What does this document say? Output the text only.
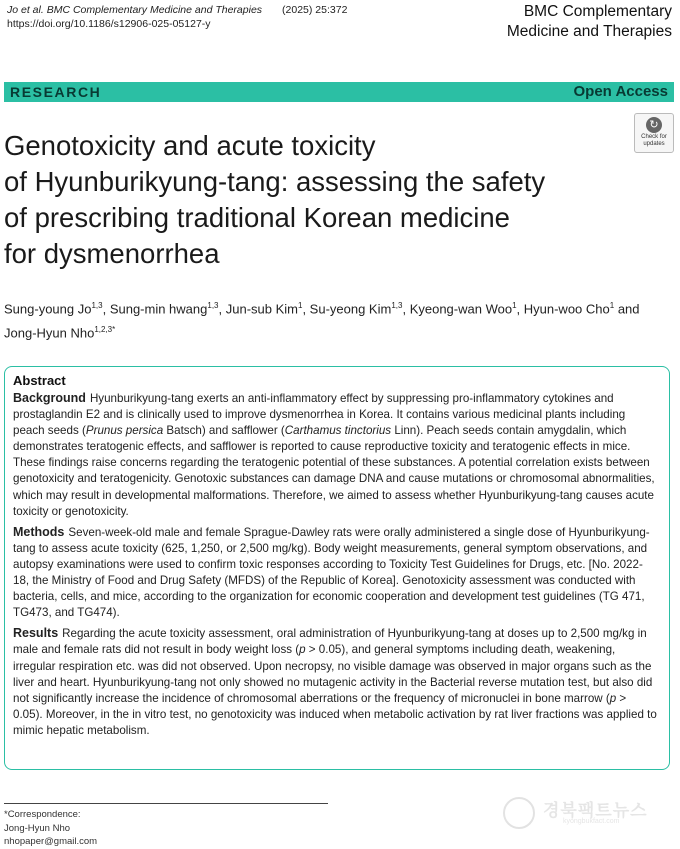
Jo et al. BMC Complementary Medicine and Therapies (2025) 25:372
https://doi.org/10.1186/s12906-025-05127-y
BMC Complementary
Medicine and Therapies
RESEARCH	Open Access
↻
Check for
updates
Genotoxicity and acute toxicity
of Hyunburikyung-tang: assessing the safety
of prescribing traditional Korean medicine
for dysmenorrhea
Sung-young Jo$^{1,3}$, Sung-min hwang$^{1,3}$, Jun-sub Kim$^1$, Su-yeong Kim$^{1,3}$, Kyeong-wan Woo$^1$, Hyun-woo Cho$^1$ and
Jong-Hyun Nho$^{1,2,3*}$
Abstract

Background Hyunburikyung-tang exerts an anti-inflammatory effect by suppressing pro-inflammatory cytokines and prostaglandin E2 and is clinically used to improve dysmenorrhea in Korea. It contains various medicinal plants including peach seeds (Prunus persica Batsch) and safflower (Carthamus tinctorius Linn). Peach seeds contain amygdalin, which demonstrates teratogenic effects, and safflower is reported to cause reproductive toxicity and teratogenic effects in mice. These findings raise concerns regarding the teratogenic potential of these substances. A potential correlation exists between genotoxicity and teratogenicity. Genotoxic substances can damage DNA and cause mutations or chromosomal abnormalities, which may result in developmental malformations. Therefore, we aimed to assess whether Hyunburikyung-tang causes acute toxicity or genotoxicity.

Methods Seven-week-old male and female Sprague-Dawley rats were orally administered a single dose of Hyunburikyung-tang to assess acute toxicity (625, 1,250, or 2,500 mg/kg). Body weight measurements, general symptom observations, and autopsy examinations were used to confirm toxic responses according to Toxicity Test Guidelines for Drugs, etc. [No. 2022-18, the Ministry of Food and Drug Safety (MFDS) of the Republic of Korea]. Genotoxicity assessment was conducted with bacteria, cells, and mice, according to the organization for economic cooperation and development test guidelines (TG 471, TG473, and TG474).

Results Regarding the acute toxicity assessment, oral administration of Hyunburikyung-tang at doses up to 2,500 mg/kg in male and female rats did not result in body weight loss (p > 0.05), and general symptoms including death, weakening, irregular respiration etc. was did not observed. Upon necropsy, no visible damage was observed in major organs such as the liver and heart. Hyunburikyung-tang not only showed no mutagenic activity in the Bacterial reverse mutation test, but also did not significantly increase the incidence of chromosomal aberrations or the frequency of micronuclei in bone marrow (p > 0.05). Moreover, in the in vitro test, no genotoxicity was induced when metabolic activation by rat liver fractions was applied to mimic hepatic metabolism.

*Correspondence:
Jong-Hyun Nho
nhopaper@gmail.com
경북팩트뉴스
kyongbukfact.com
